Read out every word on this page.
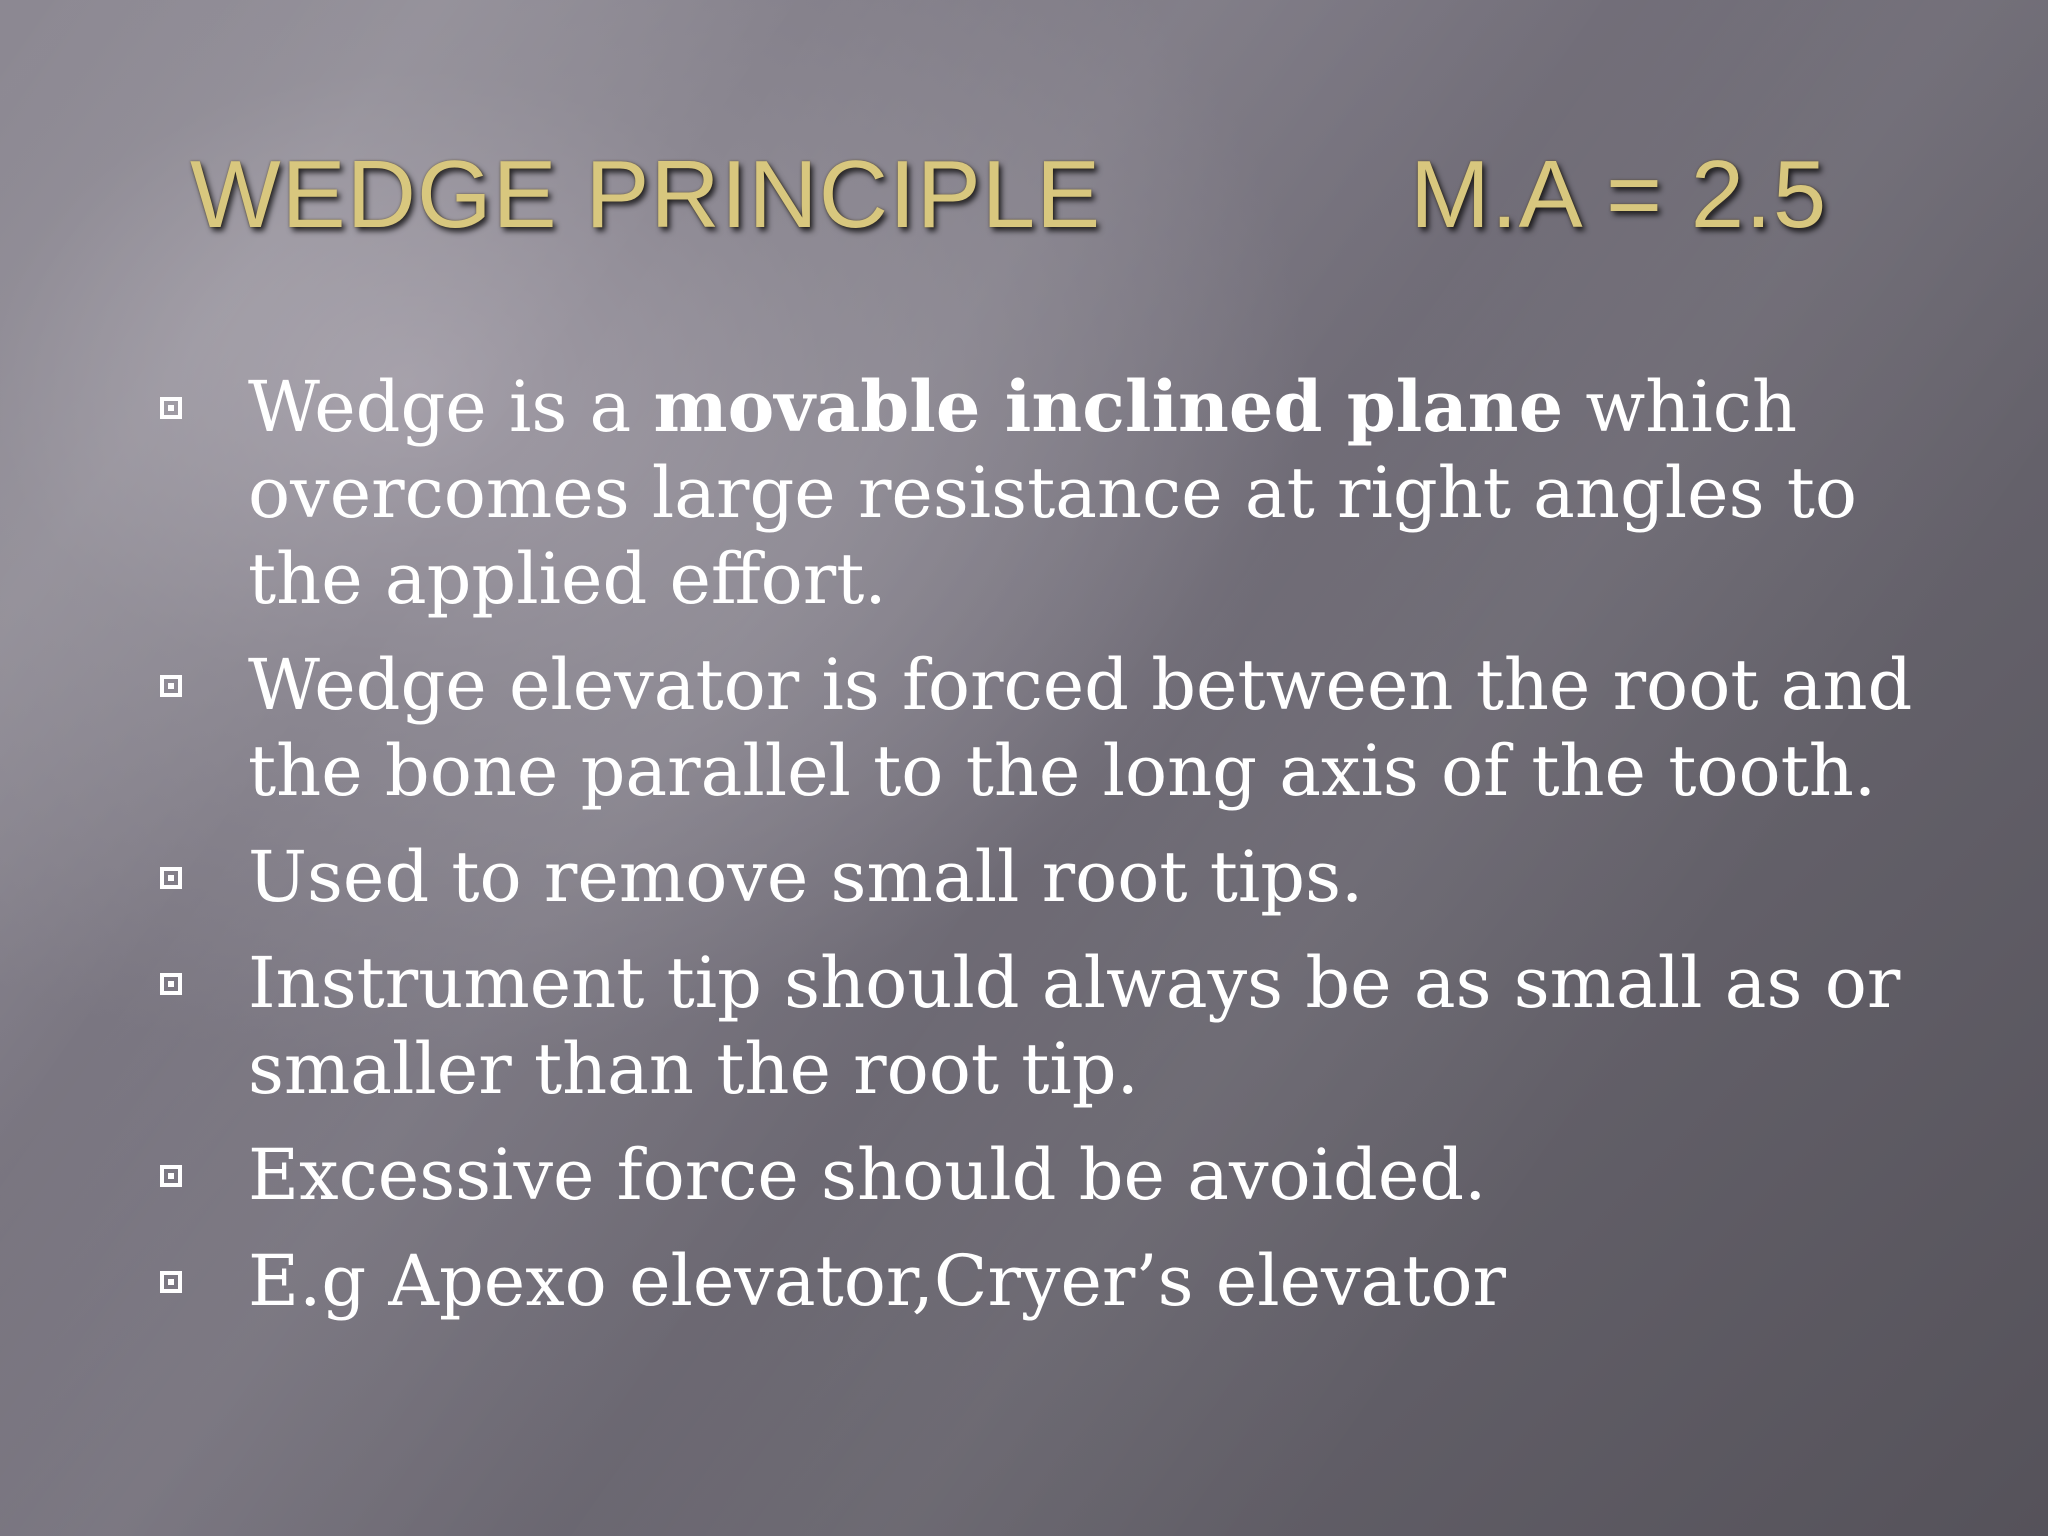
WEDGE PRINCIPLE	M.A = 2.5
Wedge is a movable inclined plane which overcomes large resistance at right angles to the applied effort.
Wedge elevator is forced between the root and the bone parallel to the long axis of the tooth.
Used to remove small root tips.
Instrument tip should always be as small as or smaller than the root tip.
Excessive force should be avoided.
E.g Apexo elevator,Cryer’s elevator
